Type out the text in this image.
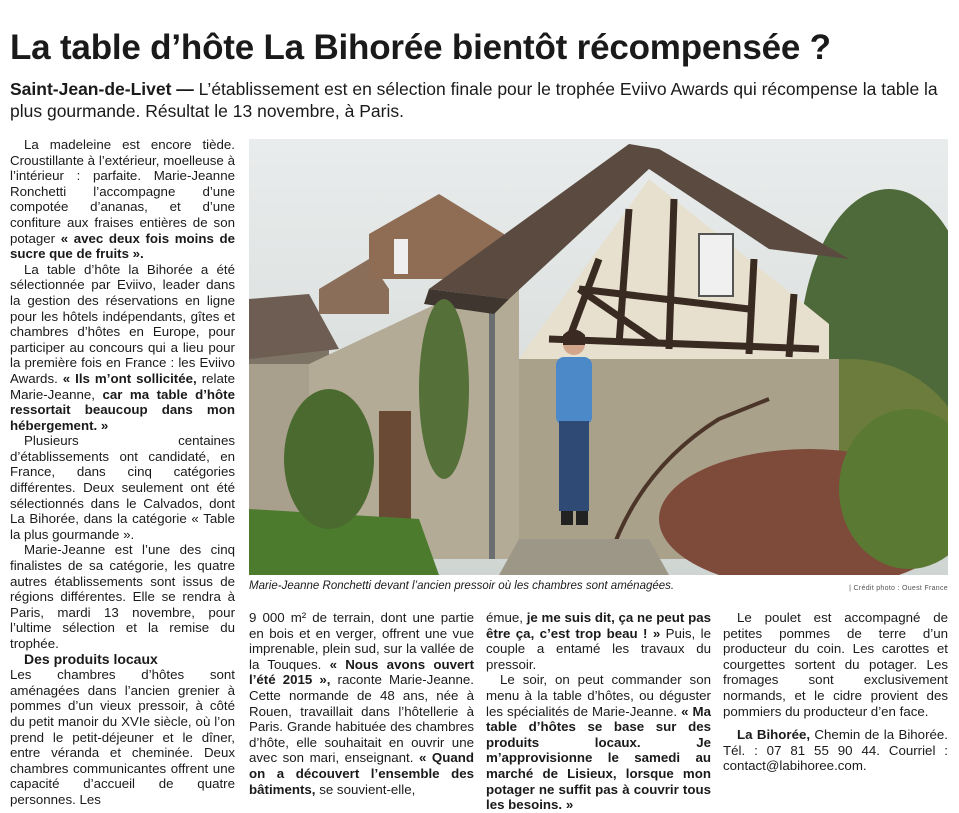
La table d’hôte La Bihorée bientôt récompensée ?
Saint-Jean-de-Livet — L’établissement est en sélection finale pour le trophée Eviivo Awards qui récompense la table la plus gourmande. Résultat le 13 novembre, à Paris.

La madeleine est encore tiède. Croustillante à l’extérieur, moelleuse à l’intérieur : parfaite. Marie-Jeanne Ronchetti l’accompagne d’une compotée d’ananas, et d’une confiture aux fraises entières de son potager « avec deux fois moins de sucre que de fruits ».

La table d’hôte la Bihorée a été sélectionnée par Eviivo, leader dans la gestion des réservations en ligne pour les hôtels indépendants, gîtes et chambres d’hôtes en Europe, pour participer au concours qui a lieu pour la première fois en France : les Eviivo Awards. « Ils m’ont sollicitée, relate Marie-Jeanne, car ma table d’hôte ressortait beaucoup dans mon hébergement. »

Plusieurs centaines d’établissements ont candidaté, en France, dans cinq catégories différentes. Deux seulement ont été sélectionnés dans le Calvados, dont La Bihorée, dans la catégorie « Table la plus gourmande ».

Marie-Jeanne est l’une des cinq finalistes de sa catégorie, les quatre autres établissements sont issus de régions différentes. Elle se rendra à Paris, mardi 13 novembre, pour l’ultime sélection et la remise du trophée.

Des produits locaux

Les chambres d’hôtes sont aménagées dans l’ancien grenier à pommes d’un vieux pressoir, à côté du petit manoir du XVIe siècle, où l’on prend le petit-déjeuner et le dîner, entre véranda et cheminée. Deux chambres communicantes offrent une capacité d’accueil de quatre personnes. Les

Marie-Jeanne Ronchetti devant l’ancien pressoir où les chambres sont aménagées.	| Crédit photo : Ouest France

9 000 m² de terrain, dont une partie en bois et en verger, offrent une vue imprenable, plein sud, sur la vallée de la Touques. « Nous avons ouvert l’été 2015 », raconte Marie-Jeanne. Cette normande de 48 ans, née à Rouen, travaillait dans l’hôtellerie à Paris. Grande habituée des chambres d’hôte, elle souhaitait en ouvrir une avec son mari, enseignant. « Quand on a découvert l’ensemble des bâtiments, se souvient-elle,

émue, je me suis dit, ça ne peut pas être ça, c’est trop beau ! » Puis, le couple a entamé les travaux du pressoir.

Le soir, on peut commander son menu à la table d’hôtes, ou déguster les spécialités de Marie-Jeanne. « Ma table d’hôtes se base sur des produits locaux. Je m’approvisionne le samedi au marché de Lisieux, lorsque mon potager ne suffit pas à couvrir tous les besoins. »

Le poulet est accompagné de petites pommes de terre d’un producteur du coin. Les carottes et courgettes sortent du potager. Les fromages sont exclusivement normands, et le cidre provient des pommiers du producteur d’en face.

La Bihorée, Chemin de la Bihorée. Tél. : 07 81 55 90 44. Courriel : contact@labihoree.com.
